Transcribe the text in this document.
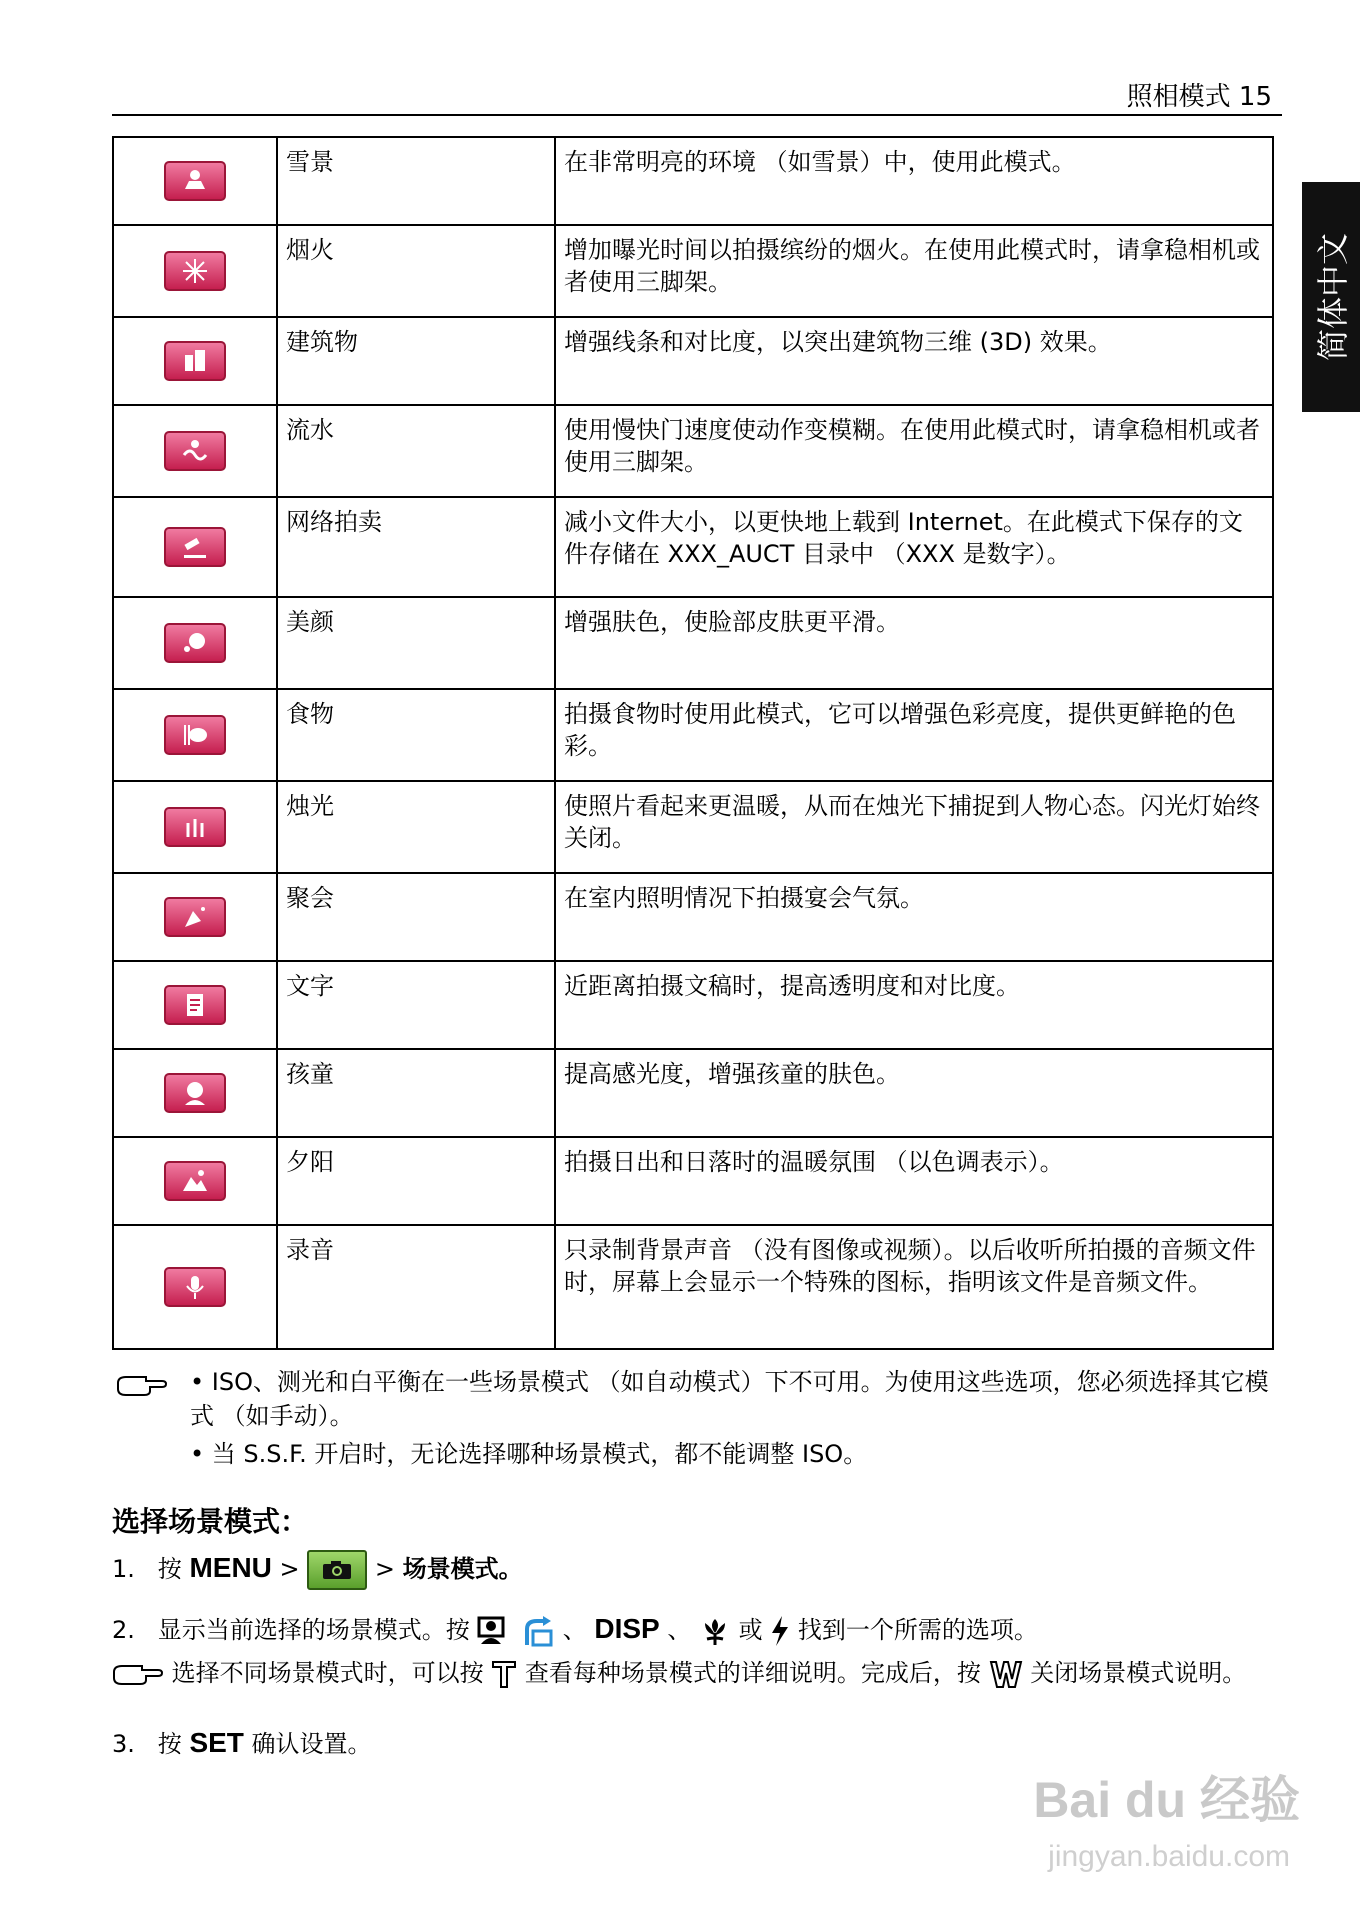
照相模式 15
简体中文
	雪景	在非常明亮的环境 （如雪景）中，使用此模式。

	烟火	增加曝光时间以拍摄缤纷的烟火。在使用此模式时，请拿稳相机或者使用三脚架。

	建筑物	增强线条和对比度，以突出建筑物三维 (3D) 效果。

	流水	使用慢快门速度使动作变模糊。在使用此模式时，请拿稳相机或者使用三脚架。

	网络拍卖	减小文件大小，以更快地上载到 Internet。在此模式下保存的文件存储在 XXX_AUCT 目录中 （XXX 是数字）。

	美颜	增强肤色，使脸部皮肤更平滑。

	食物	拍摄食物时使用此模式，它可以增强色彩亮度，提供更鲜艳的色彩。

	烛光	使照片看起来更温暖，从而在烛光下捕捉到人物心态。闪光灯始终关闭。

	聚会	在室内照明情况下拍摄宴会气氛。

	文字	近距离拍摄文稿时，提高透明度和对比度。

	孩童	提高感光度，增强孩童的肤色。

	夕阳	拍摄日出和日落时的温暖氛围 （以色调表示）。

	录音	只录制背景声音 （没有图像或视频）。以后收听所拍摄的音频文件时，屏幕上会显示一个特殊的图标，指明该文件是音频文件。
• ISO、测光和白平衡在一些场景模式 （如自动模式）下不可用。为使用这些选项，您必须选择其它模式 （如手动）。
• 当 S.S.F. 开启时，无论选择哪种场景模式，都不能调整 ISO。
选择场景模式：
1. 按 MENU >	> 场景模式。
2. 显示当前选择的场景模式。按	、 DISP 、 或 找到一个所需的选项。
选择不同场景模式时，可以按 查看每种场景模式的详细说明。完成后，按 关闭场景模式说明。
3. 按 SET 确认设置。
Bai du 经验
jingyan.baidu.com
